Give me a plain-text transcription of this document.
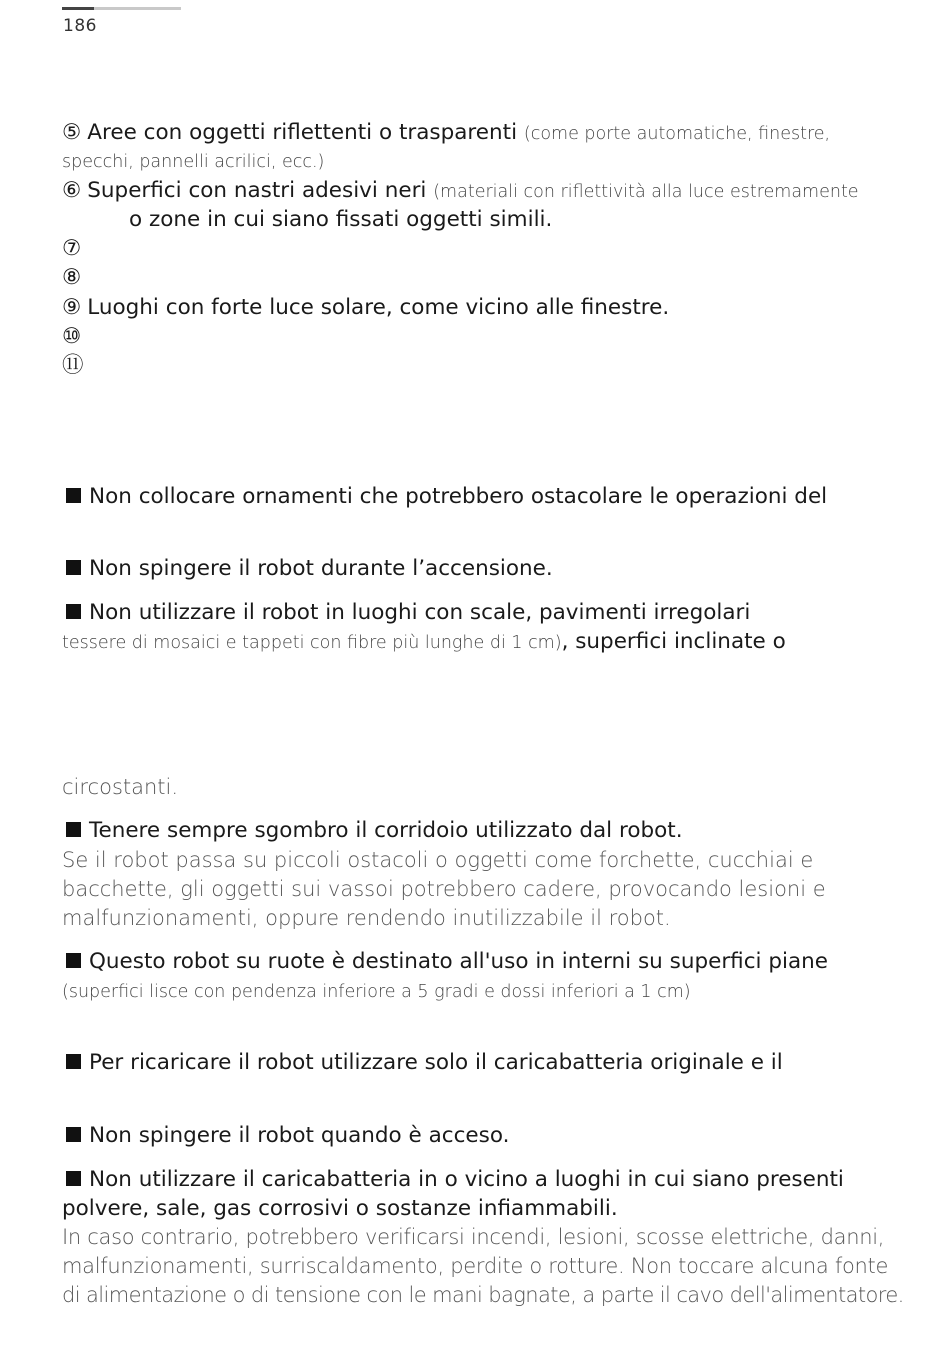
186
⑤ Aree con oggetti riflettenti o trasparenti (come porte automatiche, finestre,
specchi, pannelli acrilici, ecc.)
⑥ Superfici con nastri adesivi neri (materiali con riflettività alla luce estremamente
o zone in cui siano fissati oggetti simili.
⑦
⑧
⑨ Luoghi con forte luce solare, come vicino alle finestre.
⑩
⑪
Non collocare ornamenti che potrebbero ostacolare le operazioni del
Non spingere il robot durante l’accensione.
Non utilizzare il robot in luoghi con scale, pavimenti irregolari
tessere di mosaici e tappeti con fibre più lunghe di 1 cm), superfici inclinate o
circostanti.
Tenere sempre sgombro il corridoio utilizzato dal robot.
Se il robot passa su piccoli ostacoli o oggetti come forchette, cucchiai e
bacchette, gli oggetti sui vassoi potrebbero cadere, provocando lesioni e
malfunzionamenti, oppure rendendo inutilizzabile il robot.
Questo robot su ruote è destinato all'uso in interni su superfici piane
(superfici lisce con pendenza inferiore a 5 gradi e dossi inferiori a 1 cm)
Per ricaricare il robot utilizzare solo il caricabatteria originale e il
Non spingere il robot quando è acceso.
Non utilizzare il caricabatteria in o vicino a luoghi in cui siano presenti
polvere, sale, gas corrosivi o sostanze infiammabili.
In caso contrario, potrebbero verificarsi incendi, lesioni, scosse elettriche, danni,
malfunzionamenti, surriscaldamento, perdite o rotture. Non toccare alcuna fonte
di alimentazione o di tensione con le mani bagnate, a parte il cavo dell'alimentatore.
